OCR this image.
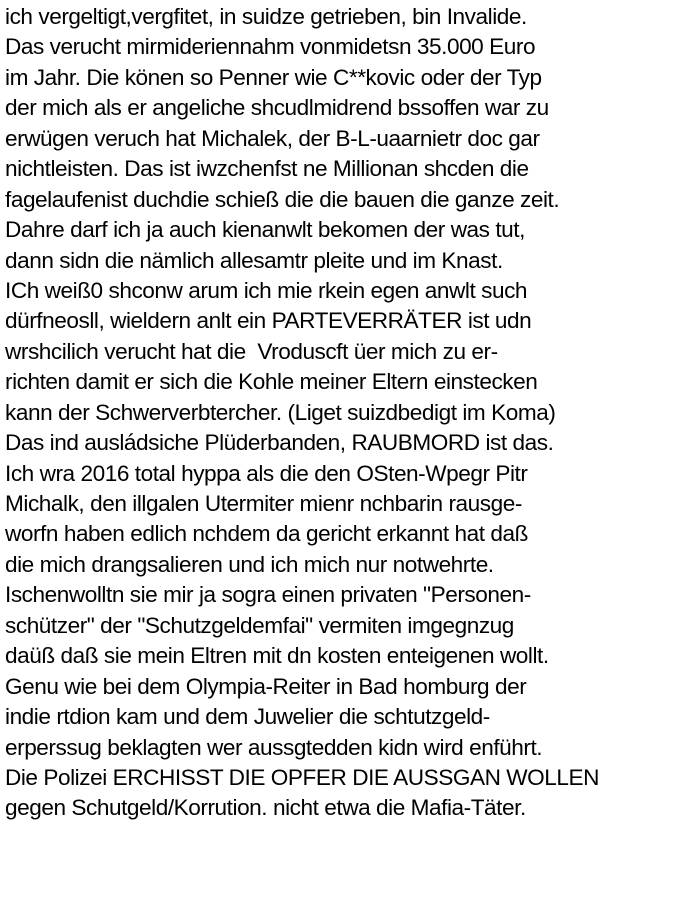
ich vergeltigt,vergfitet, in suidze getrieben, bin Invalide.
Das verucht mirmideriennahm vonmidetsn 35.000 Euro
im Jahr. Die könen so Penner wie C**kovic oder der Typ
der mich als er angeliche shcudlmidrend bssoffen war zu
erwügen veruch hat Michalek, der B-L-uaarnietr doc gar
nichtleisten. Das ist iwzchenfst ne Millionan shcden die
fagelaufenist duchdie schieß die die bauen die ganze zeit.
Dahre darf ich ja auch kienanwlt bekomen der was tut,
dann sidn die nämlich allesamtr pleite und im Knast.
ICh weiß0 shconw arum ich mie rkein egen anwlt such
dürfneosll, wieldern anlt ein PARTEVERRÄTER ist udn
wrshcilich verucht hat die  Vroduscft üer mich zu er-
richten damit er sich die Kohle meiner Eltern einstecken
kann der Schwerverbtercher. (Liget suizdbedigt im Koma)
Das ind ausládsiche Plüderbanden, RAUBMORD ist das.
Ich wra 2016 total hyppa als die den OSten-Wpegr Pitr
Michalk, den illgalen Utermiter mienr nchbarin rausge-
worfn haben edlich nchdem da gericht erkannt hat daß
die mich drangsalieren und ich mich nur notwehrte.
Ischenwolltn sie mir ja sogra einen privaten "Personen-
schützer" der "Schutzgeldemfai" vermiten imgegnzug
daüß daß sie mein Eltren mit dn kosten enteigenen wollt.
Genu wie bei dem Olympia-Reiter in Bad homburg der
indie rtdion kam und dem Juwelier die schtutzgeld-
erperssug beklagten wer aussgtedden kidn wird enführt.
Die Polizei ERCHISST DIE OPFER DIE AUSSGAN WOLLEN
gegen Schutgeld/Korrution. nicht etwa die Mafia-Täter.
